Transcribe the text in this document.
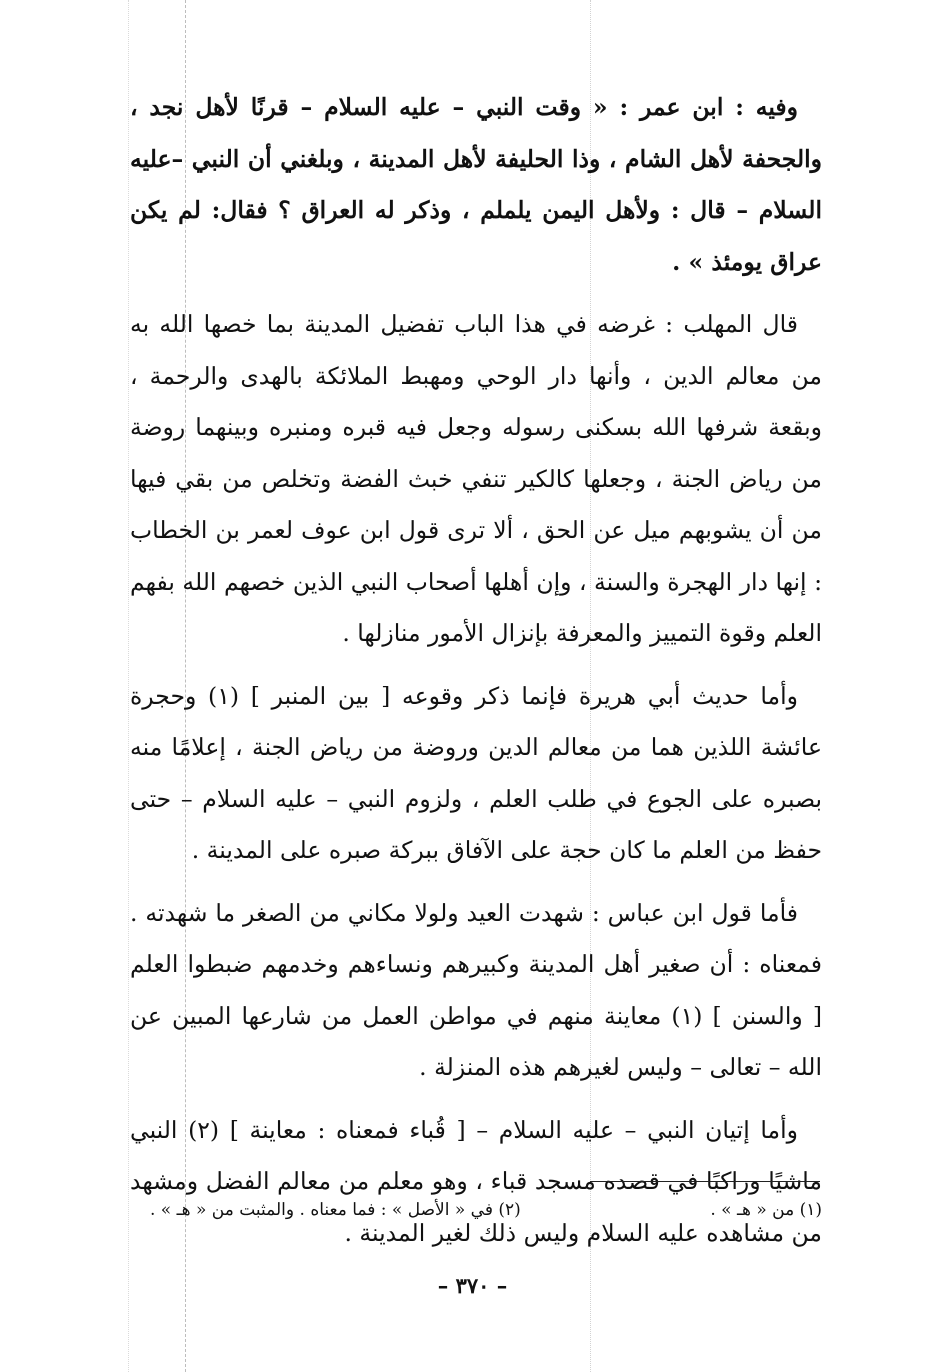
وفيه : ابن عمر : « وقت النبي – عليه السلام – قرنًا لأهل نجد ، والجحفة لأهل الشام ، وذا الحليفة لأهل المدينة ، وبلغني أن النبي –عليه السلام – قال : ولأهل اليمن يلملم ، وذكر له العراق ؟ فقال: لم يكن عراق يومئذ » .

قال المهلب : غرضه في هذا الباب تفضيل المدينة بما خصها الله به من معالم الدين ، وأنها دار الوحي ومهبط الملائكة بالهدى والرحمة ، وبقعة شرفها الله بسكنى رسوله وجعل فيه قبره ومنبره وبينهما روضة من رياض الجنة ، وجعلها كالكير تنفي خبث الفضة وتخلص من بقي فيها من أن يشوبهم ميل عن الحق ، ألا ترى قول ابن عوف لعمر بن الخطاب : إنها دار الهجرة والسنة ، وإن أهلها أصحاب النبي الذين خصهم الله بفهم العلم وقوة التمييز والمعرفة بإنزال الأمور منازلها .

وأما حديث أبي هريرة فإنما ذكر وقوعه [ بين المنبر ] (١) وحجرة عائشة اللذين هما من معالم الدين وروضة من رياض الجنة ، إعلامًا منه بصبره على الجوع في طلب العلم ، ولزوم النبي – عليه السلام – حتى حفظ من العلم ما كان حجة على الآفاق ببركة صبره على المدينة .

فأما قول ابن عباس : شهدت العيد ولولا مكاني من الصغر ما شهدته . فمعناه : أن صغير أهل المدينة وكبيرهم ونساءهم وخدمهم ضبطوا العلم [ والسنن ] (١) معاينة منهم في مواطن العمل من شارعها المبين عن الله – تعالى – وليس لغيرهم هذه المنزلة .

وأما إتيان النبي – عليه السلام – [ قُباء فمعناه : معاينة ] (٢) النبي ماشيًا وراكبًا في قصده مسجد قباء ، وهو معلم من معالم الفضل ومشهد من مشاهده عليه السلام وليس ذلك لغير المدينة .

(١) من « هـ » .
(٢) في « الأصل » : فما معناه . والمثبت من « هـ » .
– ٣٧٠ –
